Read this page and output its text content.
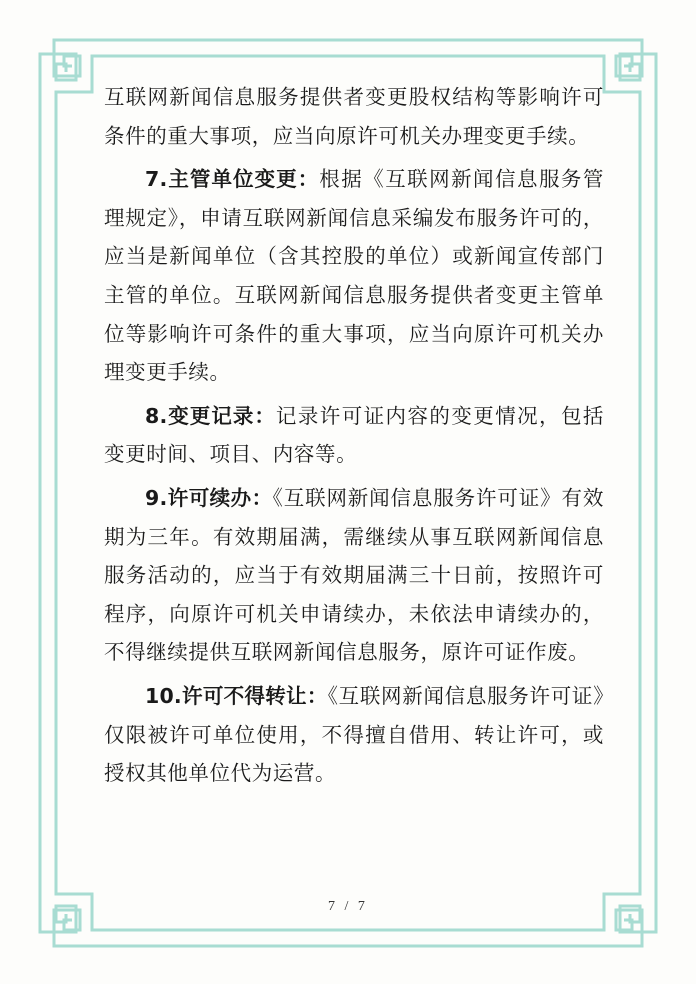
互联网新闻信息服务提供者变更股权结构等影响许可条件的重大事项，应当向原许可机关办理变更手续。

7.主管单位变更：根据《互联网新闻信息服务管理规定》，申请互联网新闻信息采编发布服务许可的，应当是新闻单位（含其控股的单位）或新闻宣传部门主管的单位。互联网新闻信息服务提供者变更主管单位等影响许可条件的重大事项，应当向原许可机关办理变更手续。

8.变更记录：记录许可证内容的变更情况，包括变更时间、项目、内容等。

9.许可续办：《互联网新闻信息服务许可证》有效期为三年。有效期届满，需继续从事互联网新闻信息服务活动的，应当于有效期届满三十日前，按照许可程序，向原许可机关申请续办，未依法申请续办的，不得继续提供互联网新闻信息服务，原许可证作废。

10.许可不得转让：《互联网新闻信息服务许可证》仅限被许可单位使用，不得擅自借用、转让许可，或授权其他单位代为运营。

7 / 7
